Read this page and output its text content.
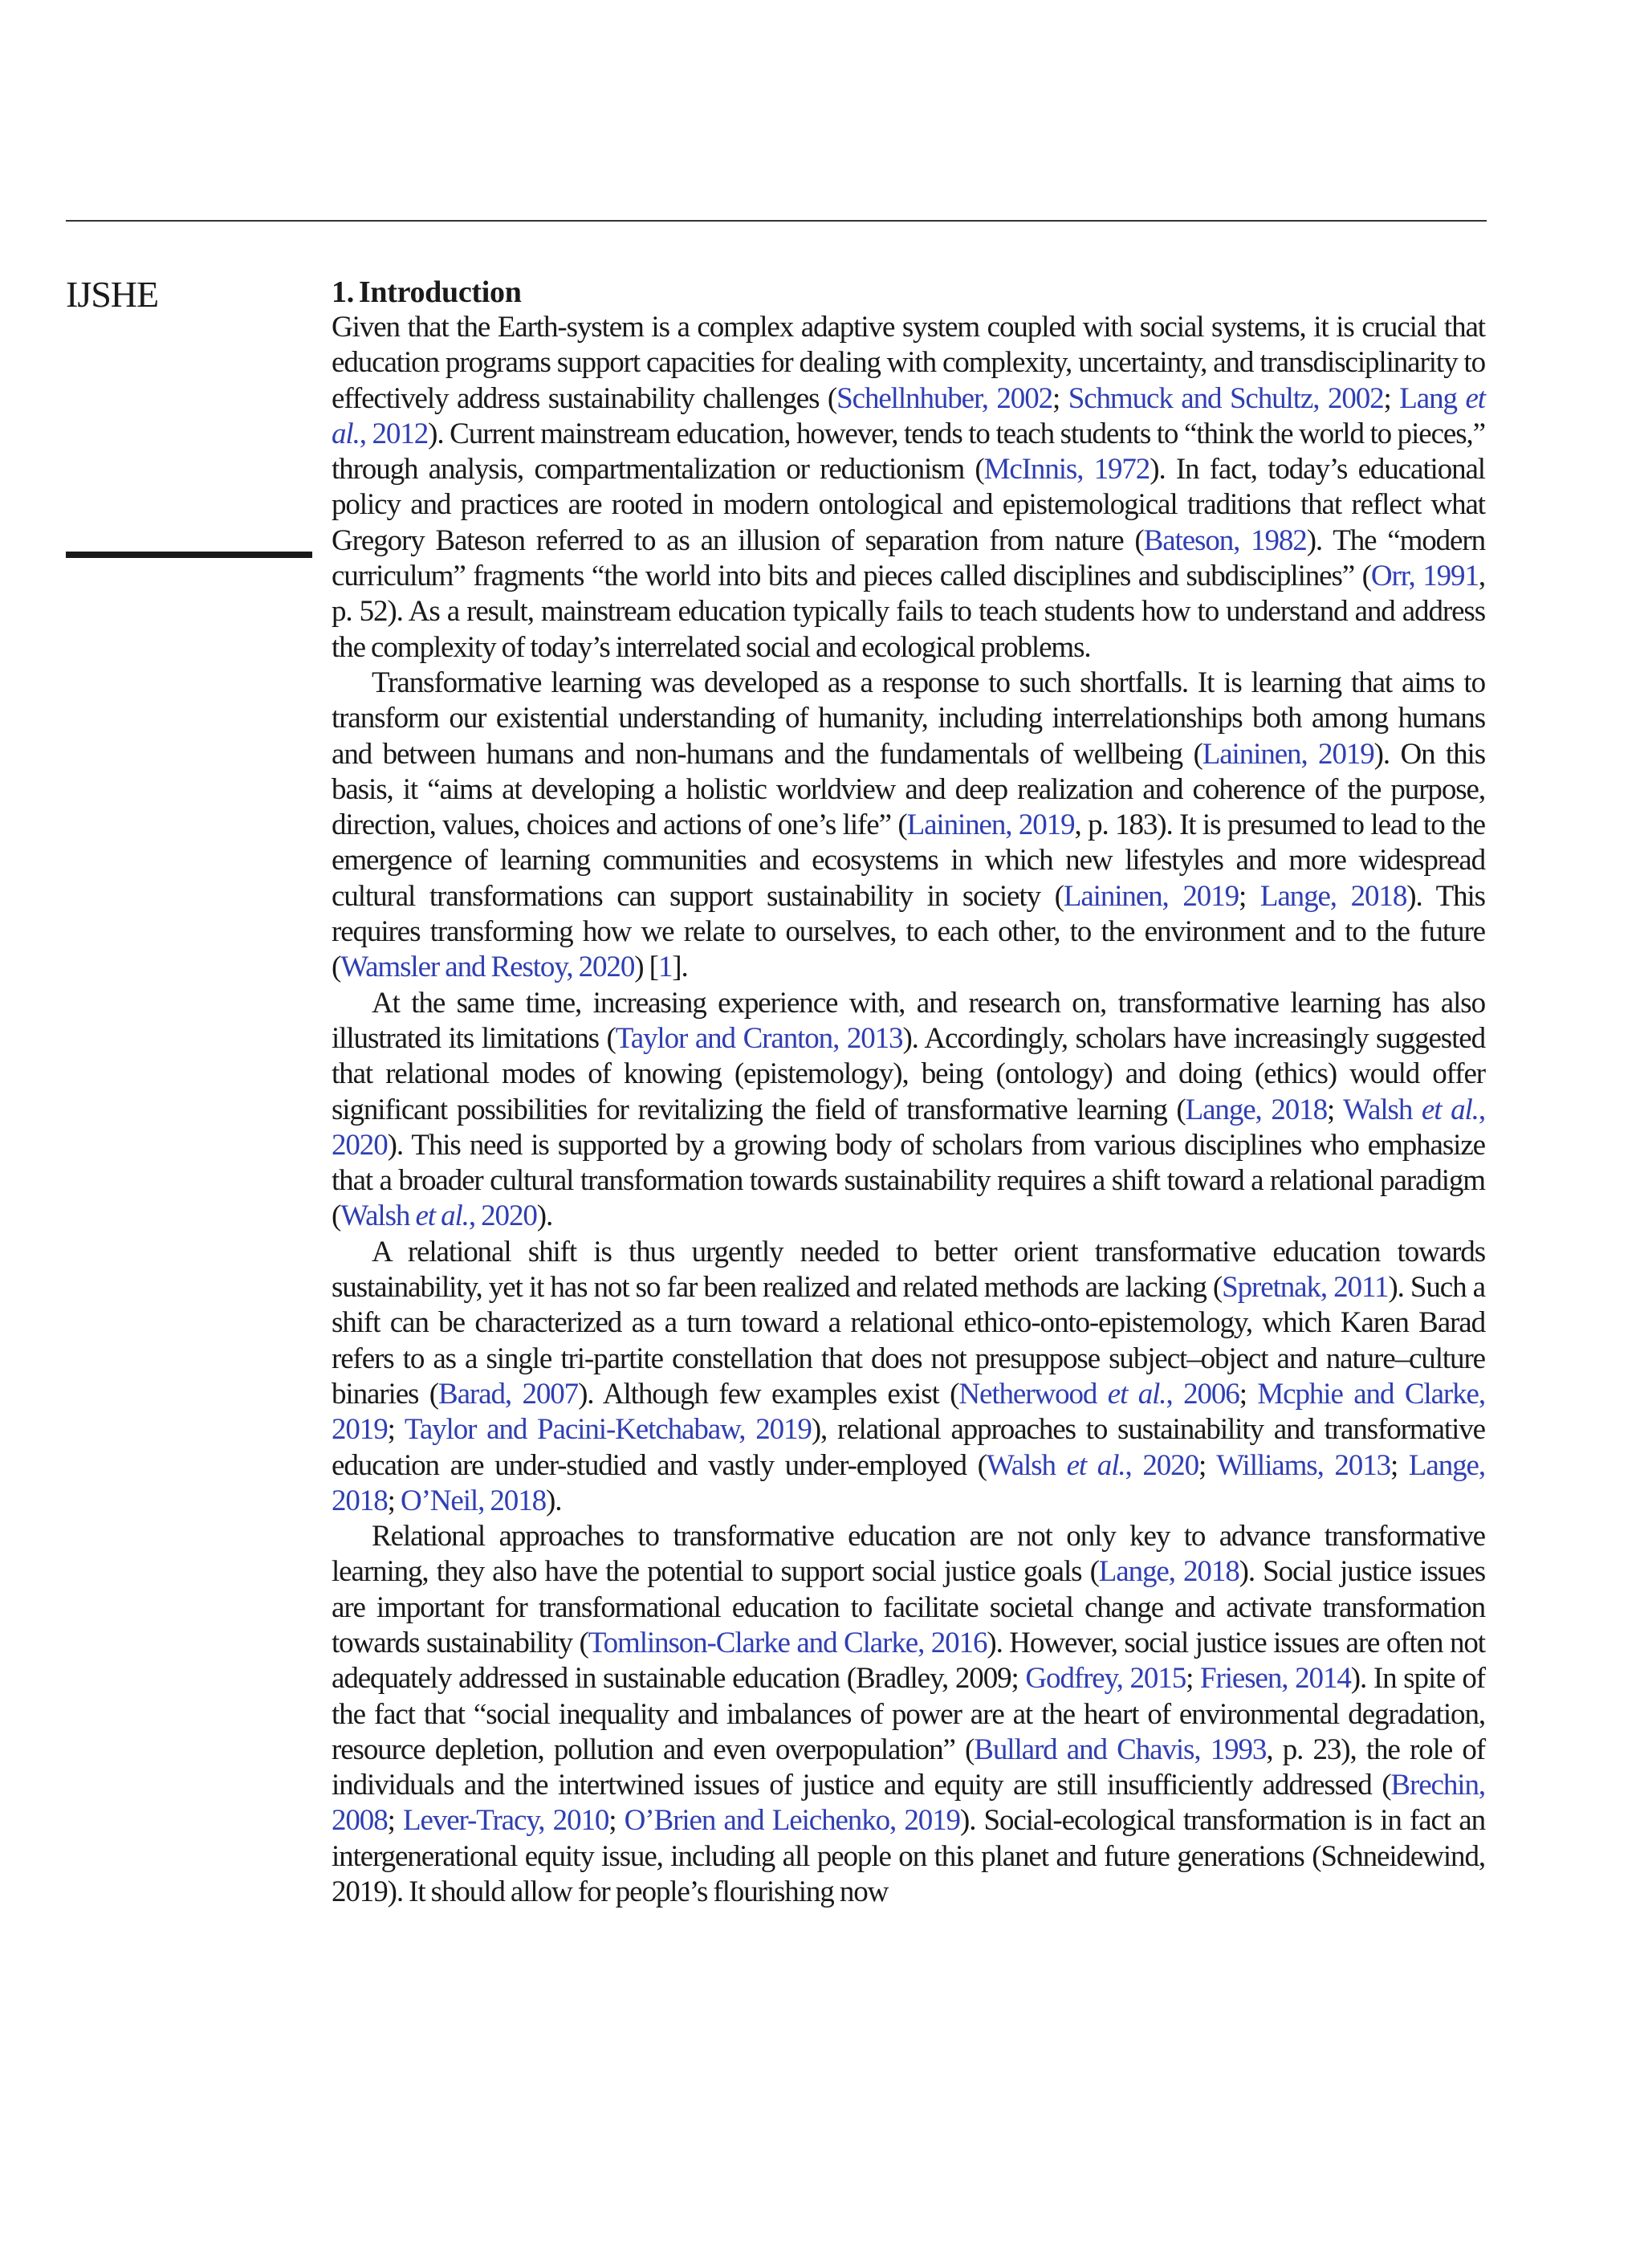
IJSHE	1. Introduction

Given that the Earth-system is a complex adaptive system coupled with social systems, it is crucial that education programs support capacities for dealing with complexity, uncertainty, and transdisciplinarity to effectively address sustainability challenges (Schellnhuber, 2002; Schmuck and Schultz, 2002; Lang et al., 2012). Current mainstream education, however, tends to teach students to “think the world to pieces,” through analysis, compartmentalization or reductionism (McInnis, 1972). In fact, today’s educational policy and practices are rooted in modern ontological and epistemological traditions that reflect what Gregory Bateson referred to as an illusion of separation from nature (Bateson, 1982). The “modern curriculum” fragments “the world into bits and pieces called disciplines and subdisciplines” (Orr, 1991, p. 52). As a result, mainstream education typically fails to teach students how to understand and address the complexity of today’s interrelated social and ecological problems.

Transformative learning was developed as a response to such shortfalls. It is learning that aims to transform our existential understanding of humanity, including interrelationships both among humans and between humans and non-humans and the fundamentals of wellbeing (Laininen, 2019). On this basis, it “aims at developing a holistic worldview and deep realization and coherence of the purpose, direction, values, choices and actions of one’s life” (Laininen, 2019, p. 183). It is presumed to lead to the emergence of learning communities and ecosystems in which new lifestyles and more widespread cultural transformations can support sustainability in society (Laininen, 2019; Lange, 2018). This requires transforming how we relate to ourselves, to each other, to the environment and to the future (Wamsler and Restoy, 2020) [1].

At the same time, increasing experience with, and research on, transformative learning has also illustrated its limitations (Taylor and Cranton, 2013). Accordingly, scholars have increasingly suggested that relational modes of knowing (epistemology), being (ontology) and doing (ethics) would offer significant possibilities for revitalizing the field of transformative learning (Lange, 2018; Walsh et al., 2020). This need is supported by a growing body of scholars from various disciplines who emphasize that a broader cultural transformation towards sustainability requires a shift toward a relational paradigm (Walsh et al., 2020).

A relational shift is thus urgently needed to better orient transformative education towards sustainability, yet it has not so far been realized and related methods are lacking (Spretnak, 2011). Such a shift can be characterized as a turn toward a relational ethico-onto-epistemology, which Karen Barad refers to as a single tri-partite constellation that does not presuppose subject–object and nature–culture binaries (Barad, 2007). Although few examples exist (Netherwood et al., 2006; Mcphie and Clarke, 2019; Taylor and Pacini-Ketchabaw, 2019), relational approaches to sustainability and transformative education are under-studied and vastly under-employed (Walsh et al., 2020; Williams, 2013; Lange, 2018; O’Neil, 2018).

Relational approaches to transformative education are not only key to advance transformative learning, they also have the potential to support social justice goals (Lange, 2018). Social justice issues are important for transformational education to facilitate societal change and activate transformation towards sustainability (Tomlinson-Clarke and Clarke, 2016). However, social justice issues are often not adequately addressed in sustainable education (Bradley, 2009; Godfrey, 2015; Friesen, 2014). In spite of the fact that “social inequality and imbalances of power are at the heart of environmental degradation, resource depletion, pollution and even overpopulation” (Bullard and Chavis, 1993, p. 23), the role of individuals and the intertwined issues of justice and equity are still insufficiently addressed (Brechin, 2008; Lever-Tracy, 2010; O’Brien and Leichenko, 2019). Social-ecological transformation is in fact an intergenerational equity issue, including all people on this planet and future generations (Schneidewind, 2019). It should allow for people’s flourishing now
